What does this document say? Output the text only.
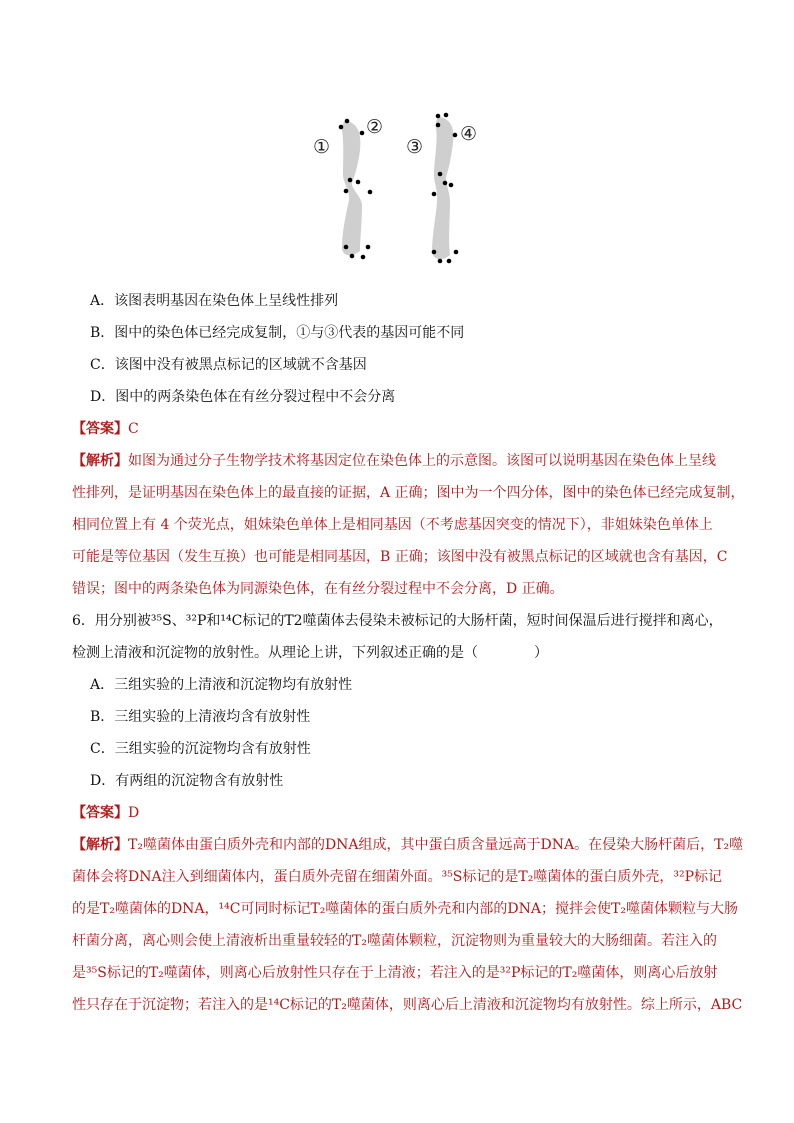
①
②
③
④
A．该图表明基因在染色体上呈线性排列
B．图中的染色体已经完成复制，①与③代表的基因可能不同
C．该图中没有被黑点标记的区域就不含基因
D．图中的两条染色体在有丝分裂过程中不会分离
【答案】C
【解析】如图为通过分子生物学技术将基因定位在染色体上的示意图。该图可以说明基因在染色体上呈线
性排列，是证明基因在染色体上的最直接的证据，A 正确；图中为一个四分体，图中的染色体已经完成复制，
相同位置上有 4 个荧光点，姐妹染色单体上是相同基因（不考虑基因突变的情况下），非姐妹染色单体上
可能是等位基因（发生互换）也可能是相同基因，B 正确；该图中没有被黑点标记的区域就也含有基因，C
错误；图中的两条染色体为同源染色体，在有丝分裂过程中不会分离，D 正确。
6．用分别被³⁵S、³²P和¹⁴C标记的T2噬菌体去侵染未被标记的大肠杆菌，短时间保温后进行搅拌和离心，
检测上清液和沉淀物的放射性。从理论上讲，下列叙述正确的是（　　　　）
A．三组实验的上清液和沉淀物均有放射性
B．三组实验的上清液均含有放射性
C．三组实验的沉淀物均含有放射性
D．有两组的沉淀物含有放射性
【答案】D
【解析】T₂噬菌体由蛋白质外壳和内部的DNA组成，其中蛋白质含量远高于DNA。在侵染大肠杆菌后，T₂噬
菌体会将DNA注入到细菌体内，蛋白质外壳留在细菌外面。³⁵S标记的是T₂噬菌体的蛋白质外壳，³²P标记
的是T₂噬菌体的DNA，¹⁴C可同时标记T₂噬菌体的蛋白质外壳和内部的DNA；搅拌会使T₂噬菌体颗粒与大肠
杆菌分离，离心则会使上清液析出重量较轻的T₂噬菌体颗粒，沉淀物则为重量较大的大肠细菌。若注入的
是³⁵S标记的T₂噬菌体，则离心后放射性只存在于上清液；若注入的是³²P标记的T₂噬菌体，则离心后放射
性只存在于沉淀物；若注入的是¹⁴C标记的T₂噬菌体，则离心后上清液和沉淀物均有放射性。综上所示，ABC
